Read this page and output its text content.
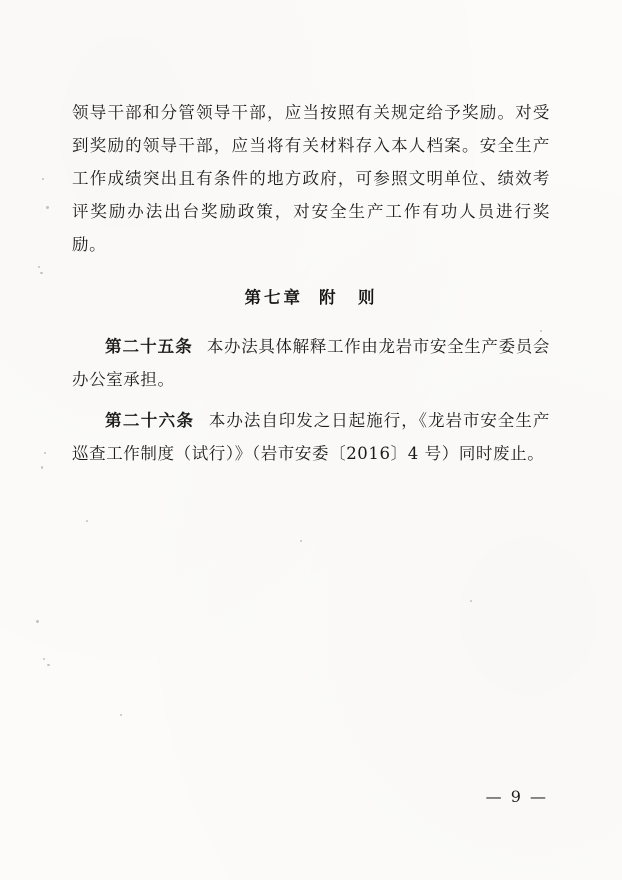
领导干部和分管领导干部，应当按照有关规定给予奖励。对受到奖励的领导干部，应当将有关材料存入本人档案。安全生产工作成绩突出且有条件的地方政府，可参照文明单位、绩效考评奖励办法出台奖励政策，对安全生产工作有功人员进行奖励。

第七章 附　则

第二十五条 本办法具体解释工作由龙岩市安全生产委员会办公室承担。

第二十六条 本办法自印发之日起施行，《龙岩市安全生产巡查工作制度（试行）》（岩市安委〔2016〕4 号）同时废止。

— 9 —
